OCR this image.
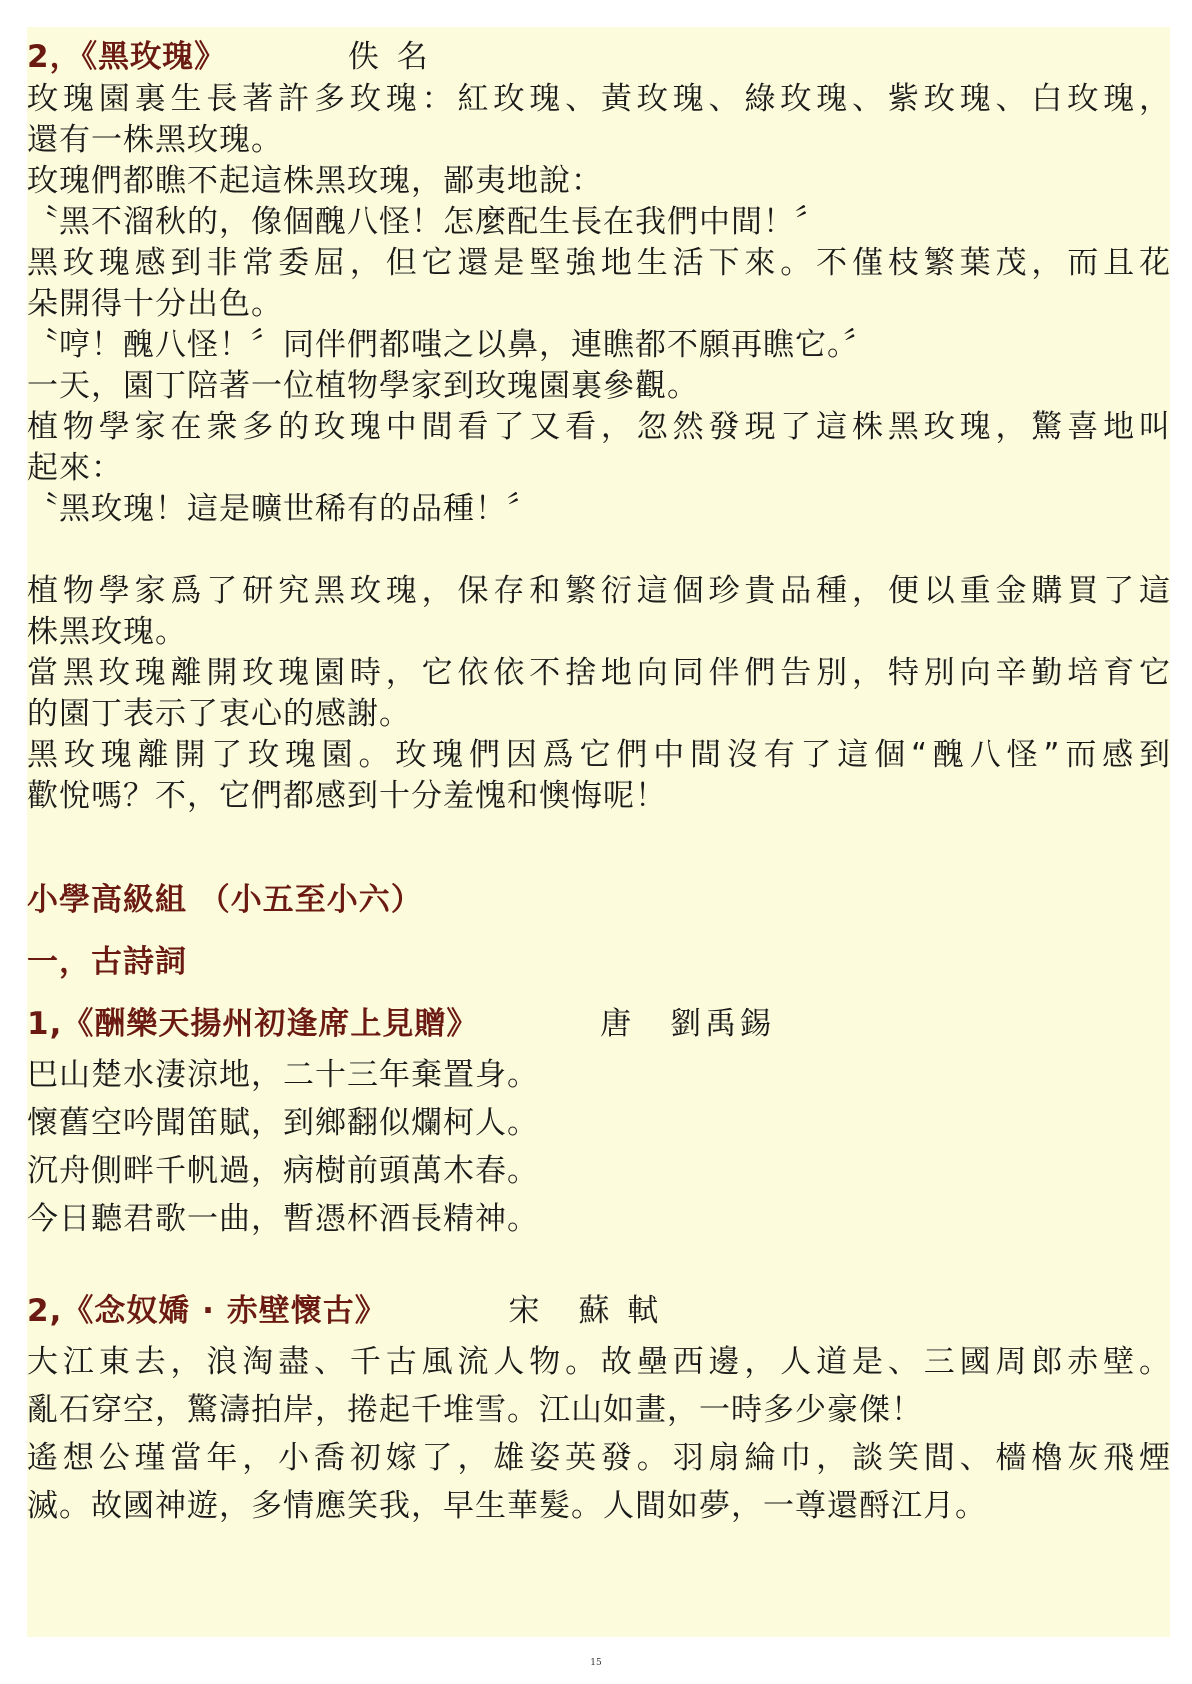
2，《黑玫瑰》	佚 名
玫瑰園裏生長著許多玫瑰：紅玫瑰、黃玫瑰、綠玫瑰、紫玫瑰、白玫瑰，
還有一株黑玫瑰。
玫瑰們都瞧不起這株黑玫瑰，鄙夷地說：
〝黑不溜秋的，像個醜八怪！怎麼配生長在我們中間！〞
黑玫瑰感到非常委屈，但它還是堅強地生活下來。不僅枝繁葉茂，而且花
朵開得十分出色。
〝哼！醜八怪！〞同伴們都嗤之以鼻，連瞧都不願再瞧它。〞
一天，園丁陪著一位植物學家到玫瑰園裏參觀。
植物學家在衆多的玫瑰中間看了又看，忽然發現了這株黑玫瑰，驚喜地叫
起來：
〝黑玫瑰！這是曠世稀有的品種！〞
植物學家爲了研究黑玫瑰，保存和繁衍這個珍貴品種，便以重金購買了這
株黑玫瑰。
當黑玫瑰離開玫瑰園時，它依依不捨地向同伴們告別，特別向辛勤培育它
的園丁表示了衷心的感謝。
黑玫瑰離開了玫瑰園。玫瑰們因爲它們中間沒有了這個“醜八怪”而感到
歡悅嗎？不，它們都感到十分羞愧和懊悔呢！
小學高級組 （小五至小六）
一，古詩詞
1,《酬樂天揚州初逢席上見贈》	唐　劉禹錫
巴山楚水淒涼地，二十三年棄置身。
懷舊空吟聞笛賦，到鄉翻似爛柯人。
沉舟側畔千帆過，病樹前頭萬木春。
今日聽君歌一曲，暫憑杯酒長精神。
2,《念奴嬌 · 赤壁懷古》	宋　蘇 軾
大江東去，浪淘盡、千古風流人物。故壘西邊，人道是、三國周郎赤壁。
亂石穿空，驚濤拍岸，捲起千堆雪。江山如畫，一時多少豪傑！
遙想公瑾當年，小喬初嫁了，雄姿英發。羽扇綸巾，談笑間、檣櫓灰飛煙
滅。故國神遊，多情應笑我，早生華髮。人間如夢，一尊還酹江月。
15
